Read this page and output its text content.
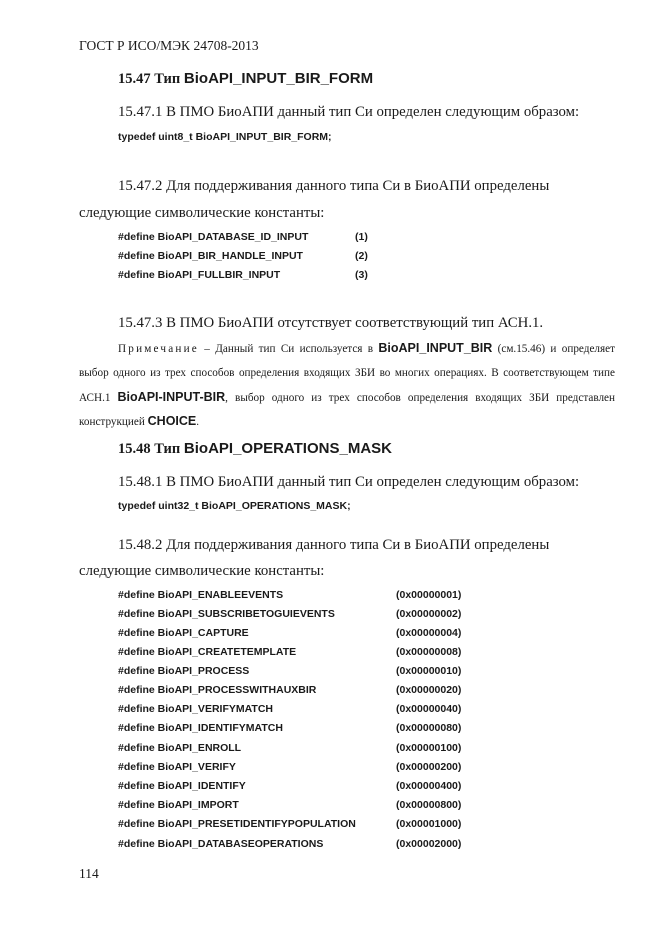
ГОСТ Р ИСО/МЭК 24708-2013
15.47 Тип BioAPI_INPUT_BIR_FORM
15.47.1 В ПМО БиоАПИ данный тип Си определен следующим образом:
typedef uint8_t BioAPI_INPUT_BIR_FORM;
15.47.2 Для поддерживания данного типа Си в БиоАПИ определены
следующие символические константы:
#define BioAPI_DATABASE_ID_INPUT	(1)
#define BioAPI_BIR_HANDLE_INPUT	(2)
#define BioAPI_FULLBIR_INPUT	(3)
15.47.3 В ПМО БиоАПИ отсутствует соответствующий тип АСН.1.
Примечание – Данный тип Си используется в BioAPI_INPUT_BIR (см.15.46) и определяет выбор одного из трех способов определения входящих ЗБИ во многих операциях. В соответствующем типе АСН.1 BioAPI-INPUT-BIR, выбор одного из трех способов определения входящих ЗБИ представлен конструкцией CHOICE.
15.48 Тип BioAPI_OPERATIONS_MASK
15.48.1 В ПМО БиоАПИ данный тип Си определен следующим образом:
typedef uint32_t BioAPI_OPERATIONS_MASK;
15.48.2 Для поддерживания данного типа Си в БиоАПИ определены
следующие символические константы:
#define BioAPI_ENABLEEVENTS	(0x00000001)
#define BioAPI_SUBSCRIBETOGUIEVENTS	(0x00000002)
#define BioAPI_CAPTURE	(0x00000004)
#define BioAPI_CREATETEMPLATE	(0x00000008)
#define BioAPI_PROCESS	(0x00000010)
#define BioAPI_PROCESSWITHAUXBIR	(0x00000020)
#define BioAPI_VERIFYMATCH	(0x00000040)
#define BioAPI_IDENTIFYMATCH	(0x00000080)
#define BioAPI_ENROLL	(0x00000100)
#define BioAPI_VERIFY	(0x00000200)
#define BioAPI_IDENTIFY	(0x00000400)
#define BioAPI_IMPORT	(0x00000800)
#define BioAPI_PRESETIDENTIFYPOPULATION	(0x00001000)
#define BioAPI_DATABASEOPERATIONS	(0x00002000)
114
